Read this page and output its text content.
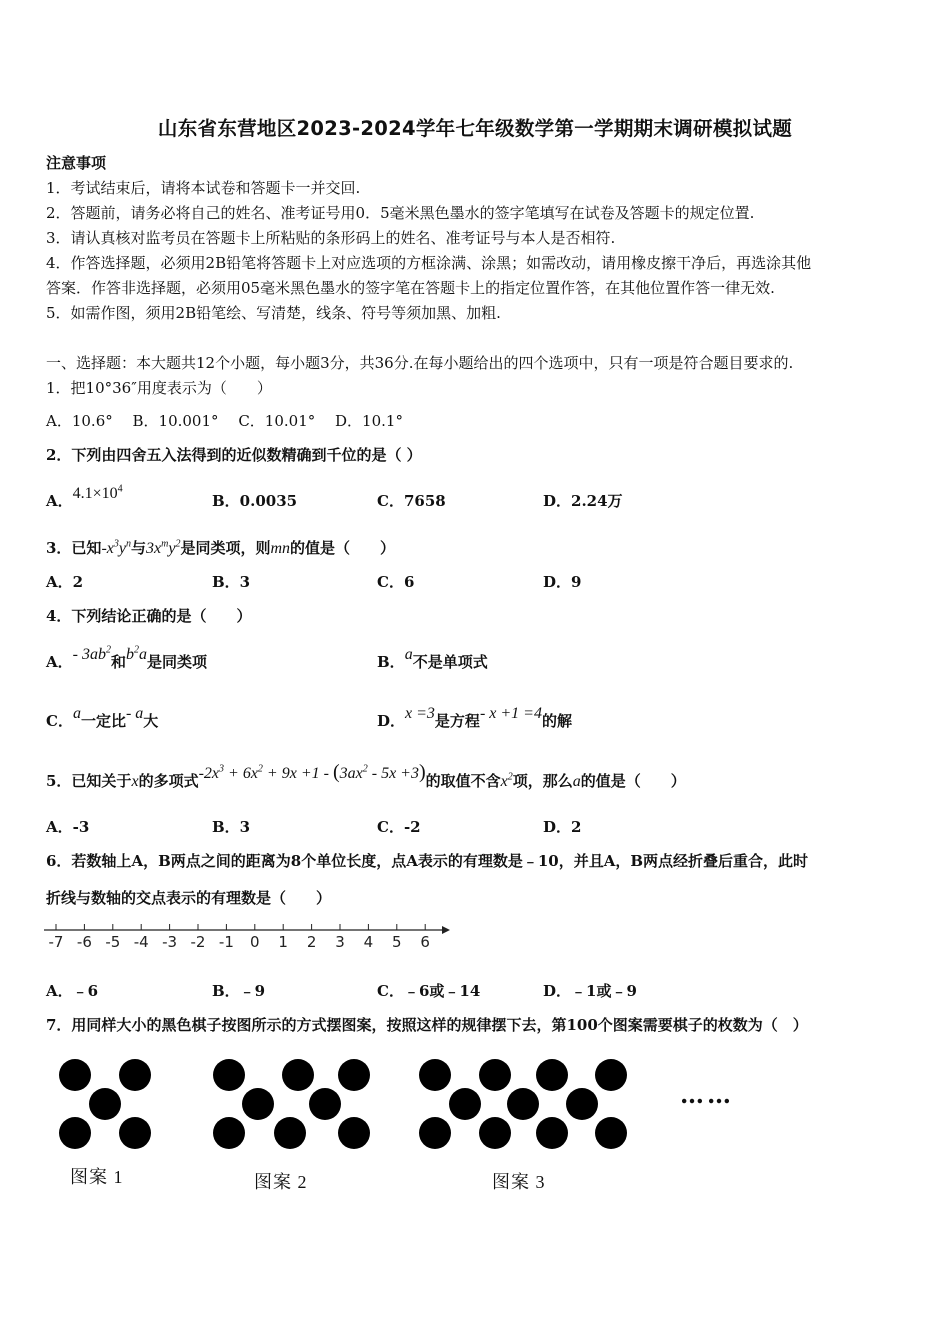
山东省东营地区2023-2024学年七年级数学第一学期期末调研模拟试题
注意事项
1．考试结束后，请将本试卷和答题卡一并交回.
2．答题前，请务必将自己的姓名、准考证号用0．5毫米黑色墨水的签字笔填写在试卷及答题卡的规定位置.
3．请认真核对监考员在答题卡上所粘贴的条形码上的姓名、准考证号与本人是否相符.
4．作答选择题，必须用2B铅笔将答题卡上对应选项的方框涂满、涂黑；如需改动，请用橡皮擦干净后，再选涂其他
答案．作答非选择题，必须用05毫米黑色墨水的签字笔在答题卡上的指定位置作答，在其他位置作答一律无效.
5．如需作图，须用2B铅笔绘、写清楚，线条、符号等须加黑、加粗.
一、选择题：本大题共12个小题，每小题3分，共36分.在每小题给出的四个选项中，只有一项是符合题目要求的.
1．把10°36″用度表示为（　　）
A．10.6°　 B．10.001°　 C．10.01°　 D．10.1°
2．下列由四舍五入法得到的近似数精确到千位的是（ ）
A．$4.1\times 10^4$
B．0.0035	C．7658	D．2.24万
3．已知$-x^3y^n$与$3x^my^2$是同类项，则mn的值是（　　）
A．2	B．3	C．6	D．9
4．下列结论正确的是（　　）
A．- $3ab^2$和$b^2a$是同类项	B．a不是单项式
C．a一定比- a大	D．x =3是方程- x +1 =4的解
5．已知关于x的多项式$-2x^3 + 6x^2 + 9x +1 - (3ax^2 - 5x +3)$的取值不含$x^2$项，那么a的值是（　　）
A．-3	B．3	C．-2	D．2
6．若数轴上A，B两点之间的距离为8个单位长度，点A表示的有理数是﹣10，并且A，B两点经折叠后重合，此时
折线与数轴的交点表示的有理数是（　　）
-7 -6 -5 -4 -3 -2 -1 0 1 2 3 4 5 6
A．﹣6	B．﹣9	C．﹣6或﹣14	D．﹣1或﹣9
7．用同样大小的黑色棋子按图所示的方式摆图案，按照这样的规律摆下去，第100个图案需要棋子的枚数为（　）
……
图案 1	图案 2	图案 3
